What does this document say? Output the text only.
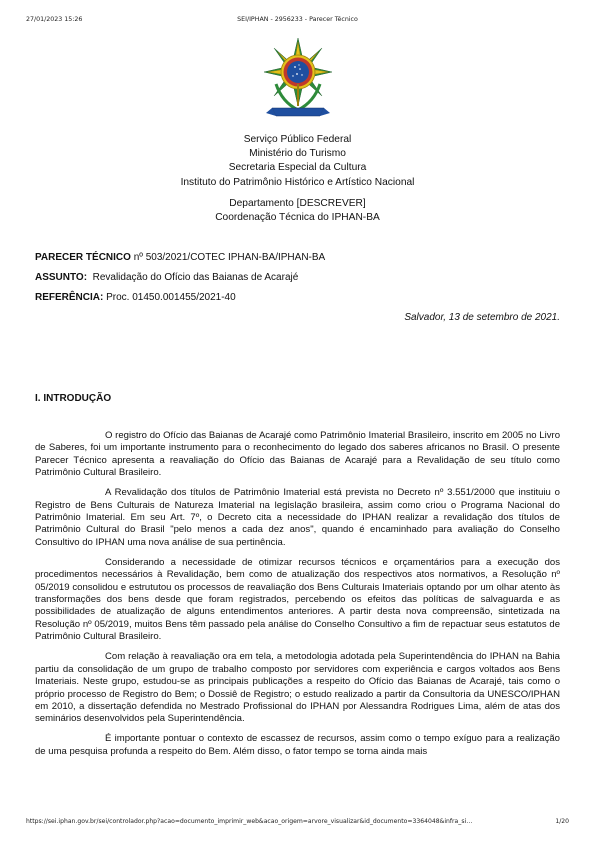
27/01/2023 15:26	SEI/IPHAN - 2956233 - Parecer Técnico
Serviço Público Federal
Ministério do Turismo
Secretaria Especial da Cultura
Instituto do Patrimônio Histórico e Artístico Nacional
Departamento [DESCREVER]
Coordenação Técnica do IPHAN-BA
PARECER TÉCNICO nº 503/2021/COTEC IPHAN-BA/IPHAN-BA
ASSUNTO:  Revalidação do Ofício das Baianas de Acarajé
REFERÊNCIA: Proc. 01450.001455/2021-40
Salvador, 13 de setembro de 2021.
I. INTRODUÇÃO

O registro do Ofício das Baianas de Acarajé como Patrimônio Imaterial Brasileiro, inscrito em 2005 no Livro de Saberes, foi um importante instrumento para o reconhecimento do legado dos saberes africanos no Brasil. O presente Parecer Técnico apresenta a reavaliação do Ofício das Baianas de Acarajé para a Revalidação de seu título como Patrimônio Cultural Brasileiro.

A Revalidação dos títulos de Patrimônio Imaterial está prevista no Decreto nº 3.551/2000 que instituiu o Registro de Bens Culturais de Natureza Imaterial na legislação brasileira, assim como criou o Programa Nacional do Patrimônio Imaterial. Em seu Art. 7º, o Decreto cita a necessidade do IPHAN realizar a revalidação dos títulos de Patrimônio Cultural do Brasil "pelo menos a cada dez anos", quando é encaminhado para avaliação do Conselho Consultivo do IPHAN uma nova análise de sua pertinência.

Considerando a necessidade de otimizar recursos técnicos e orçamentários para a execução dos procedimentos necessários à Revalidação, bem como de atualização dos respectivos atos normativos, a Resolução nº 05/2019 consolidou e estrututou os processos de reavaliação dos Bens Culturais Imateriais optando por um olhar atento às transformações dos bens desde que foram registrados, percebendo os efeitos das políticas de salvaguarda e as possibilidades de atualização de alguns entendimentos anteriores. A partir desta nova compreensão, sintetizada na Resolução nº 05/2019, muitos Bens têm passado pela análise do Conselho Consultivo a fim de repactuar seus estatutos de Patrimônio Cultural Brasileiro.

Com relação à reavaliação ora em tela, a metodologia adotada pela Superintendência do IPHAN na Bahia partiu da consolidação de um grupo de trabalho composto por servidores com experiência e cargos voltados aos Bens Imateriais. Neste grupo, estudou-se as principais publicações a respeito do Ofício das Baianas de Acarajé, tais como o próprio processo de Registro do Bem; o Dossiê de Registro; o estudo realizado a partir da Consultoria da UNESCO/IPHAN em 2010, a dissertação defendida no Mestrado Profissional do IPHAN por Alessandra Rodrigues Lima, além de atas dos seminários desenvolvidos pela Superintendência.

É importante pontuar o contexto de escassez de recursos, assim como o tempo exíguo para a realização de uma pesquisa profunda a respeito do Bem. Além disso, o fator tempo se torna ainda mais

https://sei.iphan.gov.br/sei/controlador.php?acao=documento_imprimir_web&acao_origem=arvore_visualizar&id_documento=3364048&infra_si…	1/20
